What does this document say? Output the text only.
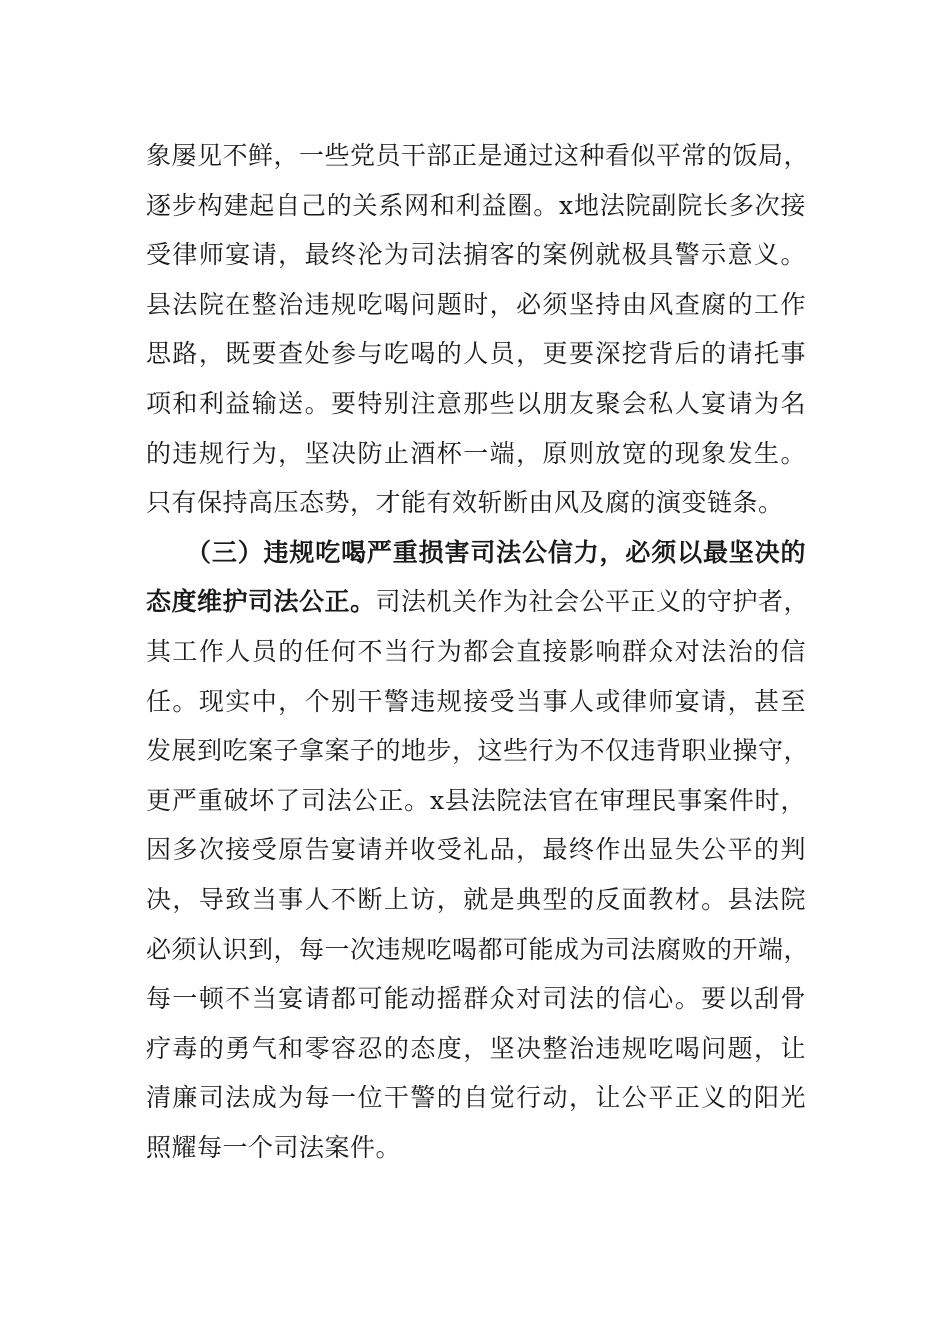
象屡见不鲜，一些党员干部正是通过这种看似平常的饭局，
逐步构建起自己的关系网和利益圈。x地法院副院长多次接
受律师宴请，最终沦为司法掮客的案例就极具警示意义。
县法院在整治违规吃喝问题时，必须坚持由风查腐的工作
思路，既要查处参与吃喝的人员，更要深挖背后的请托事
项和利益输送。要特别注意那些以朋友聚会私人宴请为名
的违规行为，坚决防止酒杯一端，原则放宽的现象发生。
只有保持高压态势，才能有效斩断由风及腐的演变链条。
（三）违规吃喝严重损害司法公信力，必须以最坚决的
态度维护司法公正。司法机关作为社会公平正义的守护者，
其工作人员的任何不当行为都会直接影响群众对法治的信
任。现实中，个别干警违规接受当事人或律师宴请，甚至
发展到吃案子拿案子的地步，这些行为不仅违背职业操守，
更严重破坏了司法公正。x县法院法官在审理民事案件时，
因多次接受原告宴请并收受礼品，最终作出显失公平的判
决，导致当事人不断上访，就是典型的反面教材。县法院
必须认识到，每一次违规吃喝都可能成为司法腐败的开端，
每一顿不当宴请都可能动摇群众对司法的信心。要以刮骨
疗毒的勇气和零容忍的态度，坚决整治违规吃喝问题，让
清廉司法成为每一位干警的自觉行动，让公平正义的阳光
照耀每一个司法案件。
